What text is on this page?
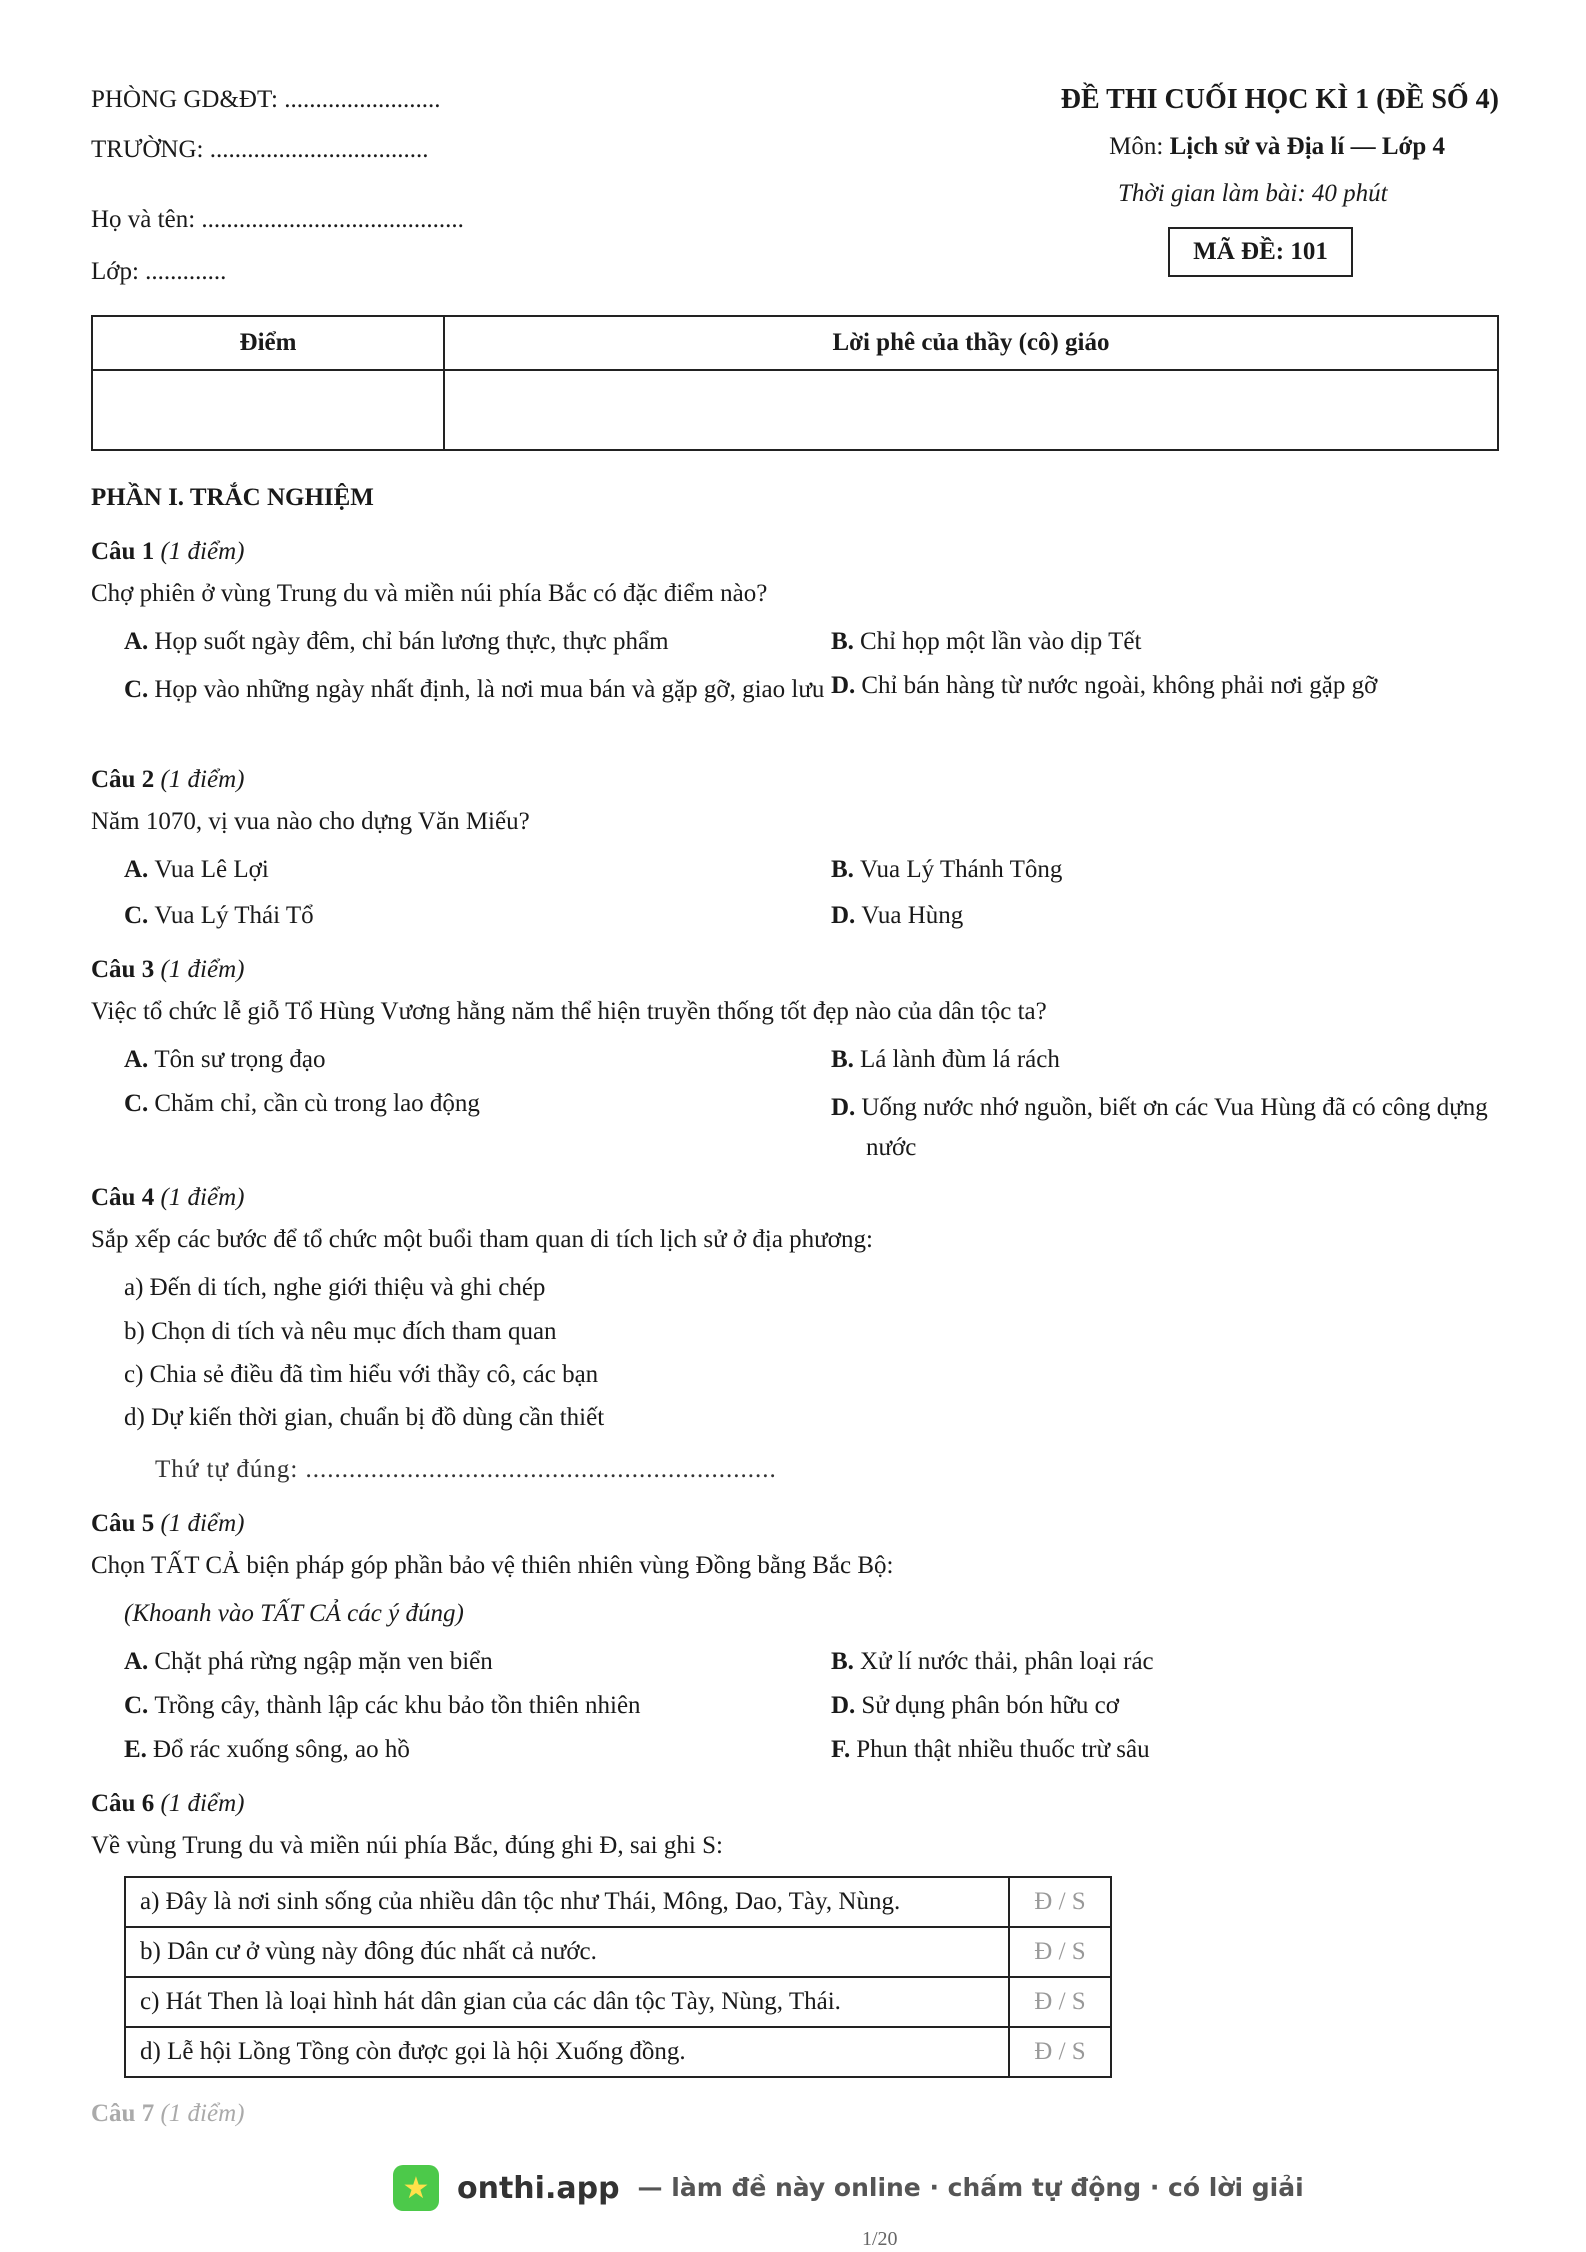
PHÒNG GD&ĐT: .........................
TRƯỜNG: ...................................
Họ và tên: ..........................................
Lớp: .............
ĐỀ THI CUỐI HỌC KÌ 1 (ĐỀ SỐ 4)
Môn: Lịch sử và Địa lí — Lớp 4
Thời gian làm bài: 40 phút
MÃ ĐỀ: 101
Điểm	Lời phê của thầy (cô) giáo

PHẦN I. TRẮC NGHIỆM
Câu 1 (1 điểm)
Chợ phiên ở vùng Trung du và miền núi phía Bắc có đặc điểm nào?
A. Họp suốt ngày đêm, chỉ bán lương thực, thực phẩm	B. Chỉ họp một lần vào dịp Tết
C. Họp vào những ngày nhất định, là nơi mua bán và gặp gỡ, giao lưu D. Chỉ bán hàng từ nước ngoài, không phải nơi gặp gỡ
Câu 2 (1 điểm)
Năm 1070, vị vua nào cho dựng Văn Miếu?
A. Vua Lê Lợi	B. Vua Lý Thánh Tông
C. Vua Lý Thái Tổ	D. Vua Hùng
Câu 3 (1 điểm)
Việc tổ chức lễ giỗ Tổ Hùng Vương hằng năm thể hiện truyền thống tốt đẹp nào của dân tộc ta?
A. Tôn sư trọng đạo	B. Lá lành đùm lá rách
C. Chăm chỉ, cần cù trong lao động	D. Uống nước nhớ nguồn, biết ơn các Vua Hùng đã có công dựng nước
Câu 4 (1 điểm)
Sắp xếp các bước để tổ chức một buổi tham quan di tích lịch sử ở địa phương:
a) Đến di tích, nghe giới thiệu và ghi chép
b) Chọn di tích và nêu mục đích tham quan
c) Chia sẻ điều đã tìm hiểu với thầy cô, các bạn
d) Dự kiến thời gian, chuẩn bị đồ dùng cần thiết
Thứ tự đúng: .................................................................
Câu 5 (1 điểm)
Chọn TẤT CẢ biện pháp góp phần bảo vệ thiên nhiên vùng Đồng bằng Bắc Bộ:
(Khoanh vào TẤT CẢ các ý đúng)
A. Chặt phá rừng ngập mặn ven biển	B. Xử lí nước thải, phân loại rác
C. Trồng cây, thành lập các khu bảo tồn thiên nhiên	D. Sử dụng phân bón hữu cơ
E. Đổ rác xuống sông, ao hồ	F. Phun thật nhiều thuốc trừ sâu
Câu 6 (1 điểm)
Về vùng Trung du và miền núi phía Bắc, đúng ghi Đ, sai ghi S:
a) Đây là nơi sinh sống của nhiều dân tộc như Thái, Mông, Dao, Tày, Nùng.	Đ / S
b) Dân cư ở vùng này đông đúc nhất cả nước.	Đ / S
c) Hát Then là loại hình hát dân gian của các dân tộc Tày, Nùng, Thái.	Đ / S
d) Lễ hội Lồng Tồng còn được gọi là hội Xuống đồng.	Đ / S
Câu 7 (1 điểm)
★ onthi.app — làm đề này online · chấm tự động · có lời giải
1/20
